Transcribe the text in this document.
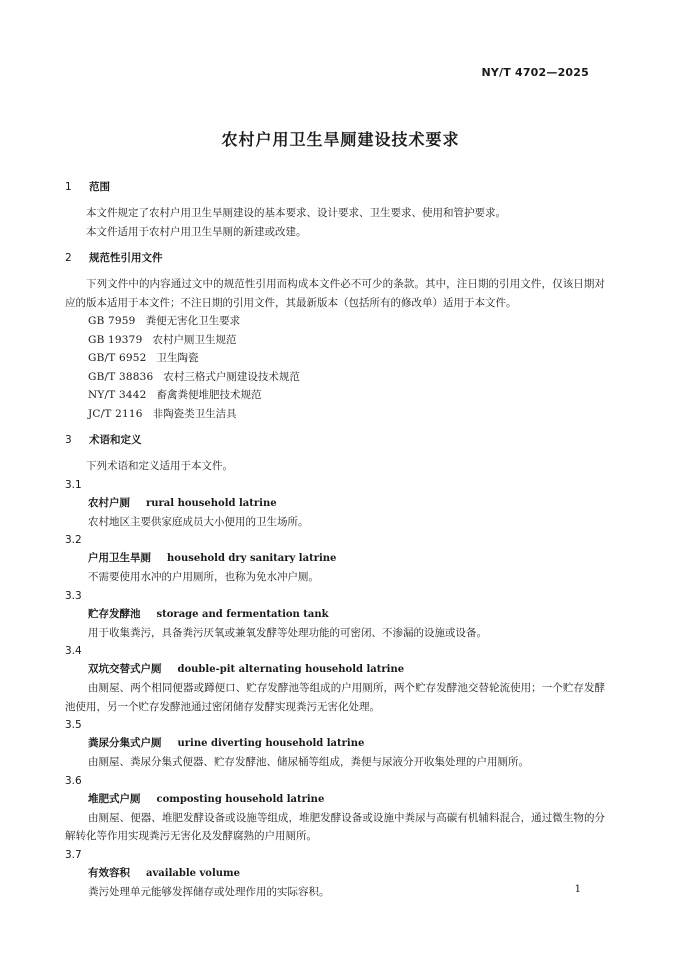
NY/T 4702—2025
农村户用卫生旱厕建设技术要求
1 范围
本文件规定了农村户用卫生旱厕建设的基本要求、设计要求、卫生要求、使用和管护要求。
本文件适用于农村户用卫生旱厕的新建或改建。
2 规范性引用文件
下列文件中的内容通过文中的规范性引用而构成本文件必不可少的条款。其中，注日期的引用文件，仅该日期对应的版本适用于本文件；不注日期的引用文件，其最新版本（包括所有的修改单）适用于本文件。
GB 7959 粪便无害化卫生要求
GB 19379 农村户厕卫生规范
GB/T 6952 卫生陶瓷
GB/T 38836 农村三格式户厕建设技术规范
NY/T 3442 畜禽粪便堆肥技术规范
JC/T 2116 非陶瓷类卫生洁具
3 术语和定义
下列术语和定义适用于本文件。
3.1
农村户厕 rural household latrine
农村地区主要供家庭成员大小便用的卫生场所。
3.2
户用卫生旱厕 household dry sanitary latrine
不需要使用水冲的户用厕所，也称为免水冲户厕。
3.3
贮存发酵池 storage and fermentation tank
用于收集粪污，具备粪污厌氧或兼氧发酵等处理功能的可密闭、不渗漏的设施或设备。
3.4
双坑交替式户厕 double-pit alternating household latrine
由厕屋、两个相同便器或蹲便口、贮存发酵池等组成的户用厕所，两个贮存发酵池交替轮流使用；一个贮存发酵池使用，另一个贮存发酵池通过密闭储存发酵实现粪污无害化处理。
3.5
粪尿分集式户厕 urine diverting household latrine
由厕屋、粪尿分集式便器、贮存发酵池、储尿桶等组成，粪便与尿液分开收集处理的户用厕所。
3.6
堆肥式户厕 composting household latrine
由厕屋、便器、堆肥发酵设备或设施等组成，堆肥发酵设备或设施中粪尿与高碳有机辅料混合，通过微生物的分解转化等作用实现粪污无害化及发酵腐熟的户用厕所。
3.7
有效容积 available volume
粪污处理单元能够发挥储存或处理作用的实际容积。	1
